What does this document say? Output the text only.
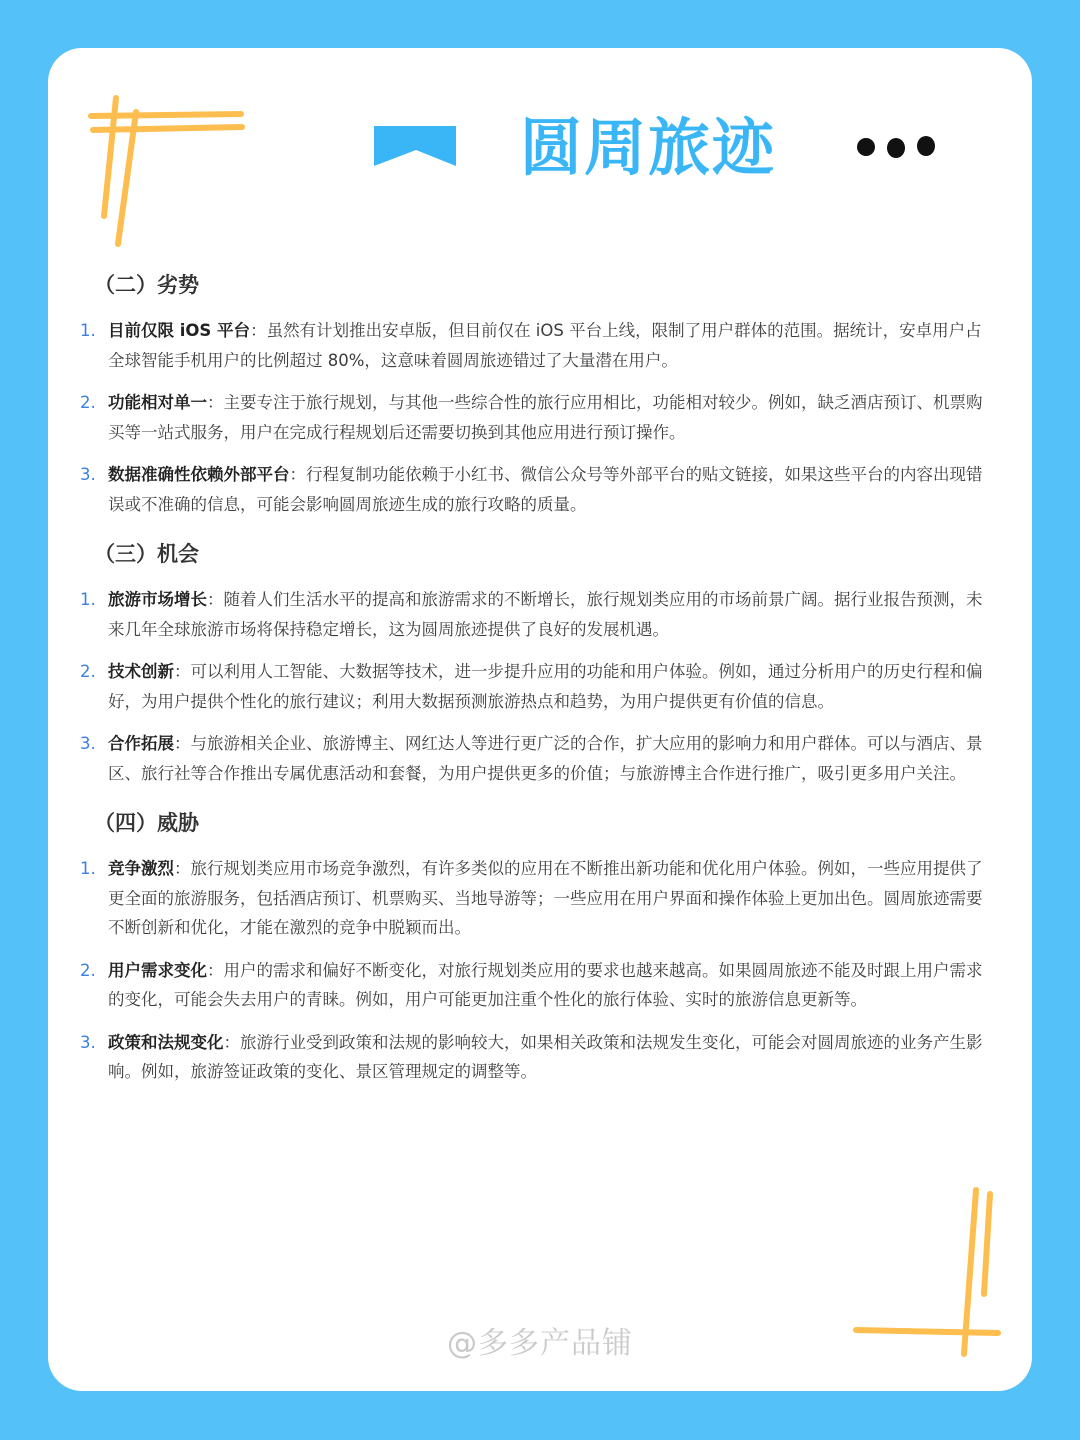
圆周旅迹
（二）劣势
1. 目前仅限 iOS 平台：虽然有计划推出安卓版，但目前仅在 iOS 平台上线，限制了用户群体的范围。据统计，安卓用户占全球智能手机用户的比例超过 80%，这意味着圆周旅迹错过了大量潜在用户。
2. 功能相对单一：主要专注于旅行规划，与其他一些综合性的旅行应用相比，功能相对较少。例如，缺乏酒店预订、机票购买等一站式服务，用户在完成行程规划后还需要切换到其他应用进行预订操作。
3. 数据准确性依赖外部平台：行程复制功能依赖于小红书、微信公众号等外部平台的贴文链接，如果这些平台的内容出现错误或不准确的信息，可能会影响圆周旅迹生成的旅行攻略的质量。
（三）机会
1. 旅游市场增长：随着人们生活水平的提高和旅游需求的不断增长，旅行规划类应用的市场前景广阔。据行业报告预测，未来几年全球旅游市场将保持稳定增长，这为圆周旅迹提供了良好的发展机遇。
2. 技术创新：可以利用人工智能、大数据等技术，进一步提升应用的功能和用户体验。例如，通过分析用户的历史行程和偏好，为用户提供个性化的旅行建议；利用大数据预测旅游热点和趋势，为用户提供更有价值的信息。
3. 合作拓展：与旅游相关企业、旅游博主、网红达人等进行更广泛的合作，扩大应用的影响力和用户群体。可以与酒店、景区、旅行社等合作推出专属优惠活动和套餐，为用户提供更多的价值；与旅游博主合作进行推广，吸引更多用户关注。
（四）威胁
1. 竞争激烈：旅行规划类应用市场竞争激烈，有许多类似的应用在不断推出新功能和优化用户体验。例如，一些应用提供了更全面的旅游服务，包括酒店预订、机票购买、当地导游等；一些应用在用户界面和操作体验上更加出色。圆周旅迹需要不断创新和优化，才能在激烈的竞争中脱颖而出。
2. 用户需求变化：用户的需求和偏好不断变化，对旅行规划类应用的要求也越来越高。如果圆周旅迹不能及时跟上用户需求的变化，可能会失去用户的青睐。例如，用户可能更加注重个性化的旅行体验、实时的旅游信息更新等。
3. 政策和法规变化：旅游行业受到政策和法规的影响较大，如果相关政策和法规发生变化，可能会对圆周旅迹的业务产生影响。例如，旅游签证政策的变化、景区管理规定的调整等。
@多多产品铺
